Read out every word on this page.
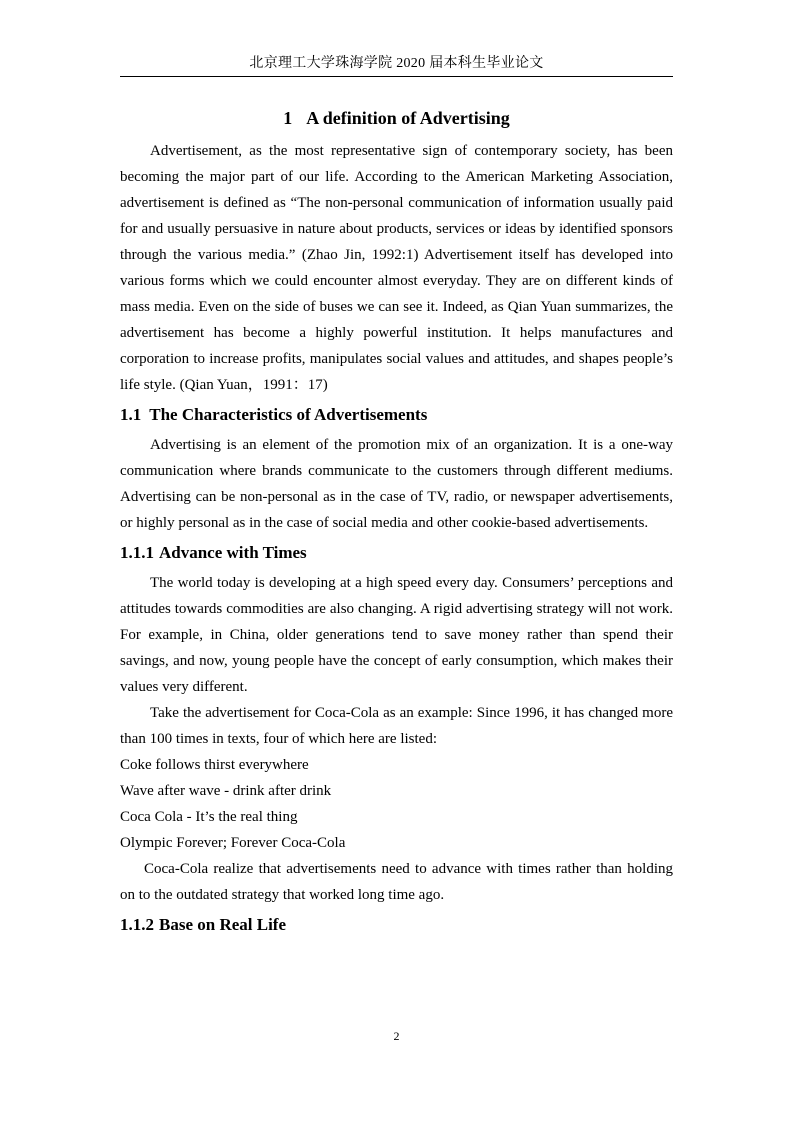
北京理工大学珠海学院 2020 届本科生毕业论文
1 A definition of Advertising

Advertisement, as the most representative sign of contemporary society, has been becoming the major part of our life. According to the American Marketing Association, advertisement is defined as “The non-personal communication of information usually paid for and usually persuasive in nature about products, services or ideas by identified sponsors through the various media.” (Zhao Jin, 1992:1) Advertisement itself has developed into various forms which we could encounter almost everyday. They are on different kinds of mass media. Even on the side of buses we can see it. Indeed, as Qian Yuan summarizes, the advertisement has become a highly powerful institution. It helps manufactures and corporation to increase profits, manipulates social values and attitudes, and shapes people’s life style. (Qian Yuan，1991：17)

1.1 The Characteristics of Advertisements

Advertising is an element of the promotion mix of an organization. It is a one-way communication where brands communicate to the customers through different mediums. Advertising can be non-personal as in the case of TV, radio, or newspaper advertisements, or highly personal as in the case of social media and other cookie-based advertisements.

1.1.1 Advance with Times

The world today is developing at a high speed every day. Consumers’ perceptions and attitudes towards commodities are also changing. A rigid advertising strategy will not work. For example, in China, older generations tend to save money rather than spend their savings, and now, young people have the concept of early consumption, which makes their values very different.

Take the advertisement for Coca-Cola as an example: Since 1996, it has changed more than 100 times in texts, four of which here are listed:

Coke follows thirst everywhere

Wave after wave - drink after drink

Coca Cola - It’s the real thing

Olympic Forever; Forever Coca-Cola

Coca-Cola realize that advertisements need to advance with times rather than holding on to the outdated strategy that worked long time ago.

1.1.2 Base on Real Life
2
